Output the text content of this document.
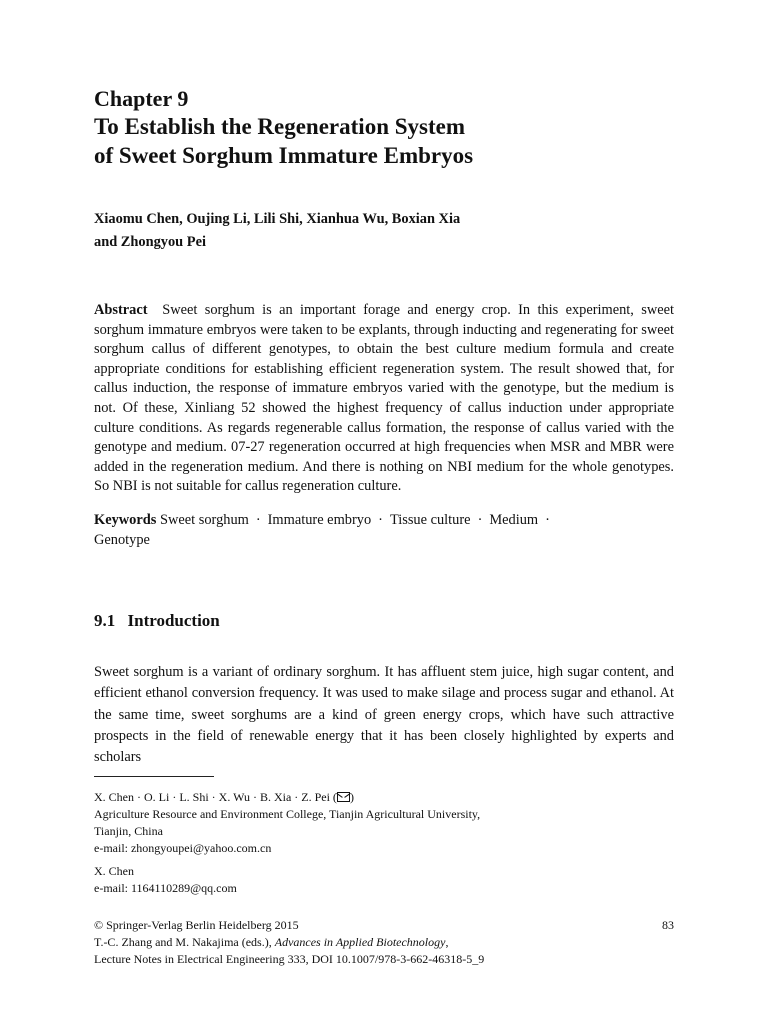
Chapter 9
To Establish the Regeneration System
of Sweet Sorghum Immature Embryos
Xiaomu Chen, Oujing Li, Lili Shi, Xianhua Wu, Boxian Xia
and Zhongyou Pei
Abstract Sweet sorghum is an important forage and energy crop. In this experiment, sweet sorghum immature embryos were taken to be explants, through inducting and regenerating for sweet sorghum callus of different genotypes, to obtain the best culture medium formula and create appropriate conditions for establishing efficient regeneration system. The result showed that, for callus induction, the response of immature embryos varied with the genotype, but the medium is not. Of these, Xinliang 52 showed the highest frequency of callus induction under appropriate culture conditions. As regards regenerable callus formation, the response of callus varied with the genotype and medium. 07-27 regeneration occurred at high frequencies when MSR and MBR were added in the regeneration medium. And there is nothing on NBI medium for the whole genotypes. So NBI is not suitable for callus regeneration culture.
Keywords Sweet sorghum · Immature embryo · Tissue culture · Medium ·
Genotype
9.1 Introduction
Sweet sorghum is a variant of ordinary sorghum. It has affluent stem juice, high sugar content, and efficient ethanol conversion frequency. It was used to make silage and process sugar and ethanol. At the same time, sweet sorghums are a kind of green energy crops, which have such attractive prospects in the field of renewable energy that it has been closely highlighted by experts and scholars
X. Chen · O. Li · L. Shi · X. Wu · B. Xia · Z. Pei ( )
Agriculture Resource and Environment College, Tianjin Agricultural University,
Tianjin, China
e-mail: zhongyoupei@yahoo.com.cn
X. Chen
e-mail: 1164110289@qq.com
83
© Springer-Verlag Berlin Heidelberg 2015
T.-C. Zhang and M. Nakajima (eds.), Advances in Applied Biotechnology,
Lecture Notes in Electrical Engineering 333, DOI 10.1007/978-3-662-46318-5_9
